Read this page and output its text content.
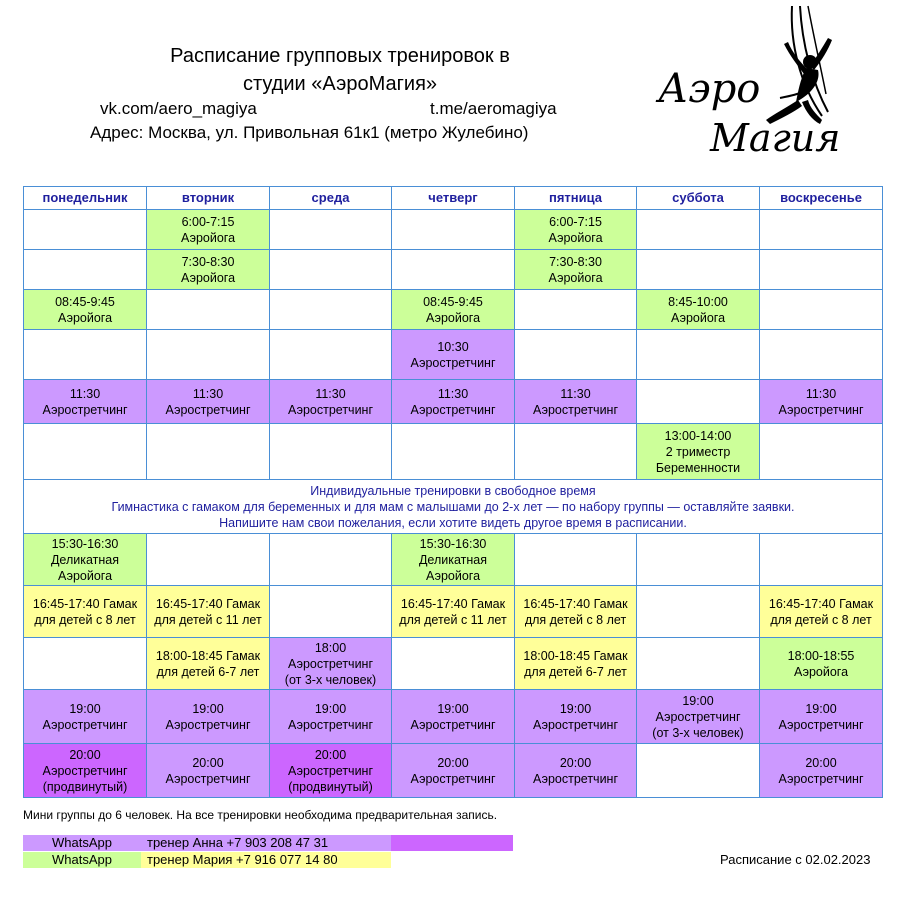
Расписание групповых тренировок в
студии «АэроМагия»
vk.com/aero_magiya	t.me/aeromagiya
Адрес: Москва, ул. Привольная 61к1 (метро Жулебино)
Аэро
Магия
понедельник	вторник	среда	четверг	пятница	суббота	воскресенье

	6:00-7:15
Аэройога			6:00-7:15
Аэройога		

	7:30-8:30
Аэройога			7:30-8:30
Аэройога		

08:45-9:45
Аэройога			08:45-9:45
Аэройога		8:45-10:00
Аэройога	

			10:30
Аэростретчинг			

11:30
Аэростретчинг	11:30
Аэростретчинг	11:30
Аэростретчинг	11:30
Аэростретчинг	11:30
Аэростретчинг		11:30
Аэростретчинг

					13:00-14:00
2 триместр
Беременности	

Индивидуальные тренировки в свободное время
Гимнастика с гамаком для беременных и для мам с малышами до 2-х лет — по набору группы — оставляйте заявки.
Напишите нам свои пожелания, если хотите видеть другое время в расписании.						

15:30-16:30
Деликатная
Аэройога			15:30-16:30
Деликатная
Аэройога			

16:45-17:40 Гамак
для детей с 8 лет	16:45-17:40 Гамак
для детей с 11 лет		16:45-17:40 Гамак
для детей с 11 лет	16:45-17:40 Гамак
для детей с 8 лет		16:45-17:40 Гамак
для детей с 8 лет

	18:00-18:45 Гамак
для детей 6-7 лет	18:00
Аэростретчинг
(от 3-х человек)		18:00-18:45 Гамак
для детей 6-7 лет		18:00-18:55
Аэройога

19:00
Аэростретчинг	19:00
Аэростретчинг	19:00
Аэростретчинг	19:00
Аэростретчинг	19:00
Аэростретчинг	19:00
Аэростретчинг
(от 3-х человек)	19:00
Аэростретчинг

20:00
Аэростретчинг
(продвинутый)	20:00
Аэростретчинг	20:00
Аэростретчинг
(продвинутый)	20:00
Аэростретчинг	20:00
Аэростретчинг		20:00
Аэростретчинг
Мини группы до 6 человек. На все тренировки необходима предварительная запись.
WhatsApp	тренер Анна +7 903 208 47 31
WhatsApp	тренер Мария +7 916 077 14 80	Расписание с 02.02.2023
